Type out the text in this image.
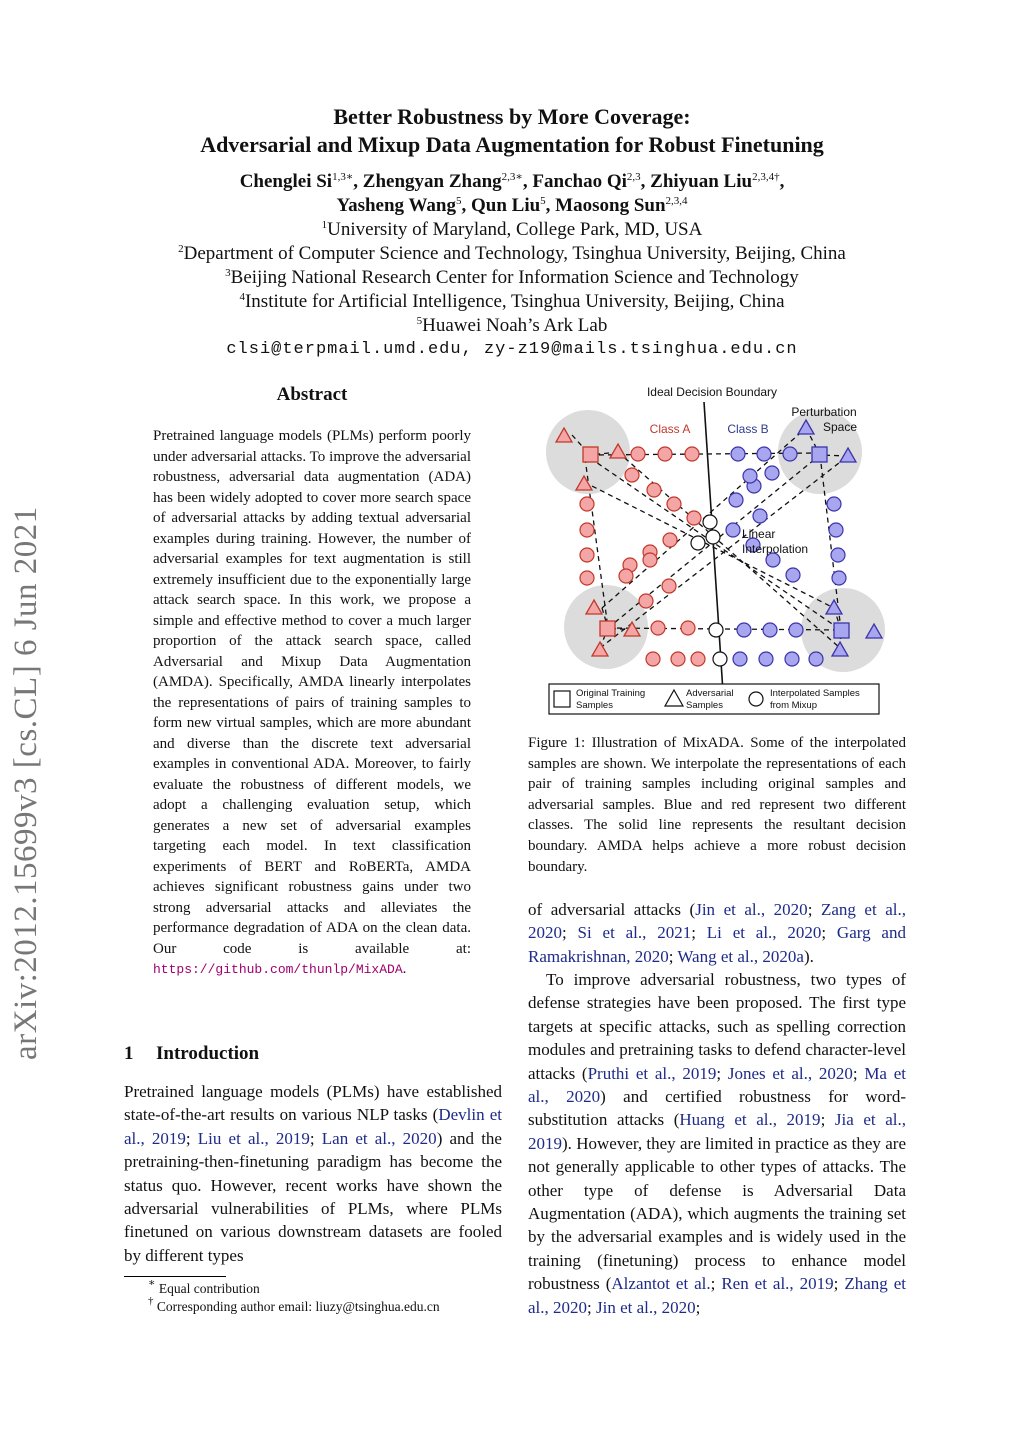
arXiv:2012.15699v3 [cs.CL] 6 Jun 2021
Better Robustness by More Coverage:
Adversarial and Mixup Data Augmentation for Robust Finetuning
Chenglei $Si^{1,3∗}$, Zhengyan Zhang$^{2,3∗}$, Fanchao Qi$^{2,3}$, Zhiyuan Liu$^{2,3,4\dagger}$,
Yasheng Wang$^5$, Qun Liu$^5$, Maosong Sun$^{2,3,4}$
$^1$University of Maryland, College Park, MD, USA
$^2$Department of Computer Science and Technology, Tsinghua University, Beijing, China
$^3$Beijing National Research Center for Information Science and Technology
$^4$Institute for Artificial Intelligence, Tsinghua University, Beijing, China
$^5$Huawei Noah’s Ark Lab
clsi@terpmail.umd.edu, zy-z19@mails.tsinghua.edu.cn
Abstract
Pretrained language models (PLMs) perform poorly under adversarial attacks. To improve the adversarial robustness, adversarial data augmentation (ADA) has been widely adopted to cover more search space of adversarial attacks by adding textual adversarial examples during training. However, the number of adversarial examples for text augmentation is still extremely insufficient due to the exponentially large attack search space. In this work, we propose a simple and effective method to cover a much larger proportion of the attack search space, called Adversarial and Mixup Data Augmentation (AMDA). Specifically, AMDA linearly interpolates the representations of pairs of training samples to form new virtual samples, which are more abundant and diverse than the discrete text adversarial examples in conventional ADA. Moreover, to fairly evaluate the robustness of different models, we adopt a challenging evaluation setup, which generates a new set of adversarial examples targeting each model. In text classification experiments of BERT and RoBERTa, AMDA achieves significant robustness gains under two strong adversarial attacks and alleviates the performance degradation of ADA on the clean data. Our code is available at: https://github.com/thunlp/MixADA.
1 Introduction
Pretrained language models (PLMs) have established state-of-the-art results on various NLP tasks (Devlin et al., 2019; Liu et al., 2019; Lan et al., 2020) and the pretraining-then-finetuning paradigm has become the status quo. However, recent works have shown the adversarial vulnerabilities of PLMs, where PLMs finetuned on various downstream datasets are fooled by different types
∗ Equal contribution
† Corresponding author email: liuzy@tsinghua.edu.cn
Ideal Decision Boundary
Class A	Class B
Perturbation
Space
Linear
Interpolation
Original Training
Samples
Adversarial
Samples
Interpolated Samples
from Mixup
Figure 1: Illustration of MixADA. Some of the interpolated samples are shown. We interpolate the representations of each pair of training samples including original samples and adversarial samples. Blue and red represent two different classes. The solid line represents the resultant decision boundary. AMDA helps achieve a more robust decision boundary.
of adversarial attacks (Jin et al., 2020; Zang et al., 2020; Si et al., 2021; Li et al., 2020; Garg and Ramakrishnan, 2020; Wang et al., 2020a).
To improve adversarial robustness, two types of defense strategies have been proposed. The first type targets at specific attacks, such as spelling correction modules and pretraining tasks to defend character-level attacks (Pruthi et al., 2019; Jones et al., 2020; Ma et al., 2020) and certified robustness for word-substitution attacks (Huang et al., 2019; Jia et al., 2019). However, they are limited in practice as they are not generally applicable to other types of attacks. The other type of defense is Adversarial Data Augmentation (ADA), which augments the training set by the adversarial examples and is widely used in the training (finetuning) process to enhance model robustness (Alzantot et al.; Ren et al., 2019; Zhang et al., 2020; Jin et al., 2020;
